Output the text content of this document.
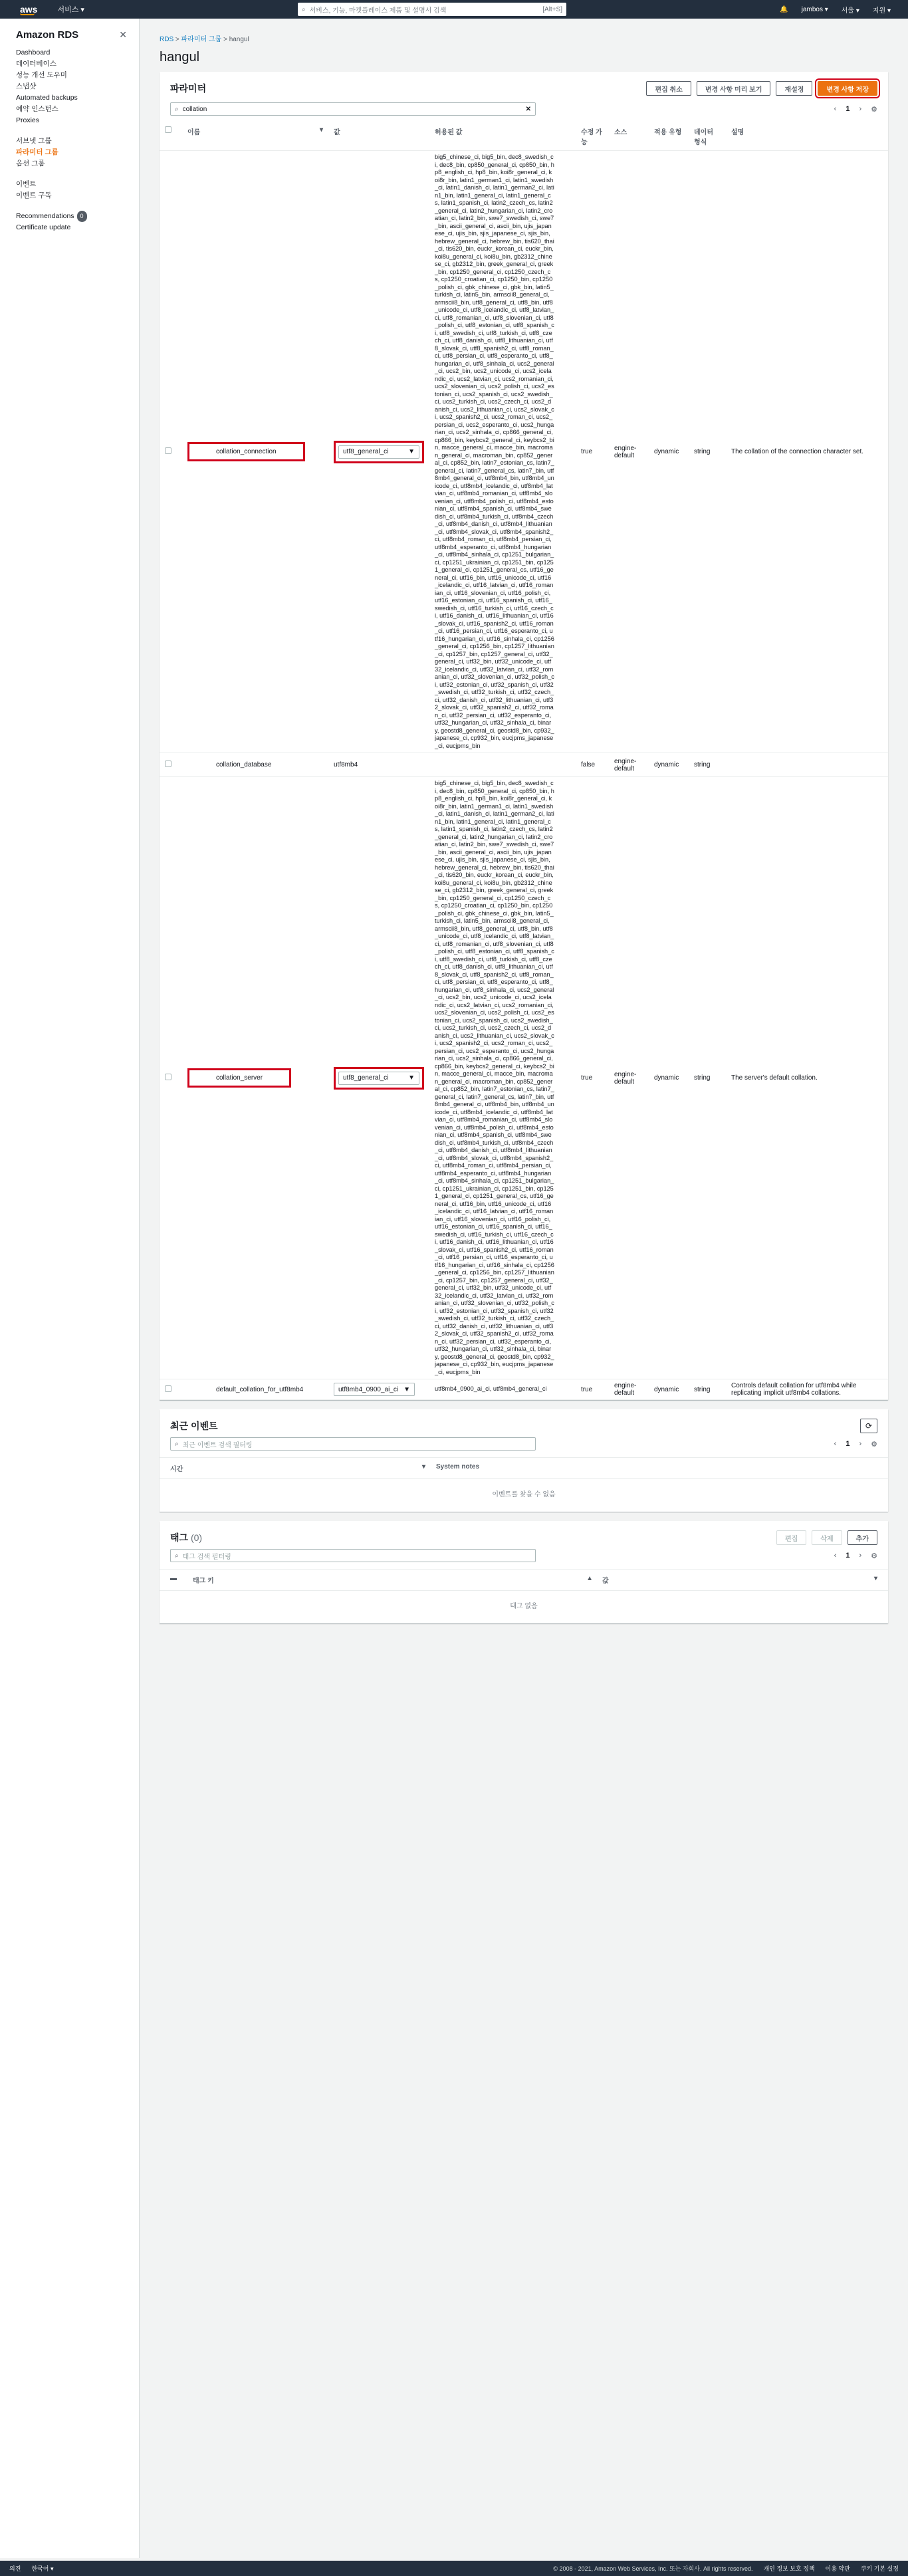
aws	서비스 ▾	⌕ 서비스, 기능, 마켓플레이스 제품 및 설명서 검색	[Alt+S]	🔔 jambos ▾ 서울 ▾ 지원 ▾
Amazon RDS	✕
Dashboard
데이터베이스
성능 개선 도우미
스냅샷
Automated backups
예약 인스턴스
Proxies
서브넷 그룹
파라미터 그룹
옵션 그룹
이벤트
이벤트 구독
Recommendations 0
Certificate update
RDS > 파라미터 그룹 > hangul
hangul
파라미터	편집 취소	변경 사항 미리 보기	재설정	변경 사항 저장
⌕ collation	✕	‹ 1 › ⚙
	이름 ▾	값	허용된 값	수정 가능	소스	적용 유형	데이터 형식	설명
	collation_connection	utf8_general_ci ▼	big5_chinese_ci, big5_bin, dec8_swedish_ci, dec8_bin, cp850_general_ci, cp850_bin, hp8_english_ci, hp8_bin, koi8r_general_ci, koi8r_bin, latin1_german1_ci, latin1_swedish_ci, latin1_danish_ci, latin1_german2_ci, latin1_bin, latin1_general_ci, latin1_general_cs, latin1_spanish_ci, latin2_czech_cs, latin2_general_ci, latin2_hungarian_ci, latin2_croatian_ci, latin2_bin, swe7_swedish_ci, swe7_bin, ascii_general_ci, ascii_bin, ujis_japanese_ci, ujis_bin, sjis_japanese_ci, sjis_bin, hebrew_general_ci, hebrew_bin, tis620_thai_ci, tis620_bin, euckr_korean_ci, euckr_bin, koi8u_general_ci, koi8u_bin, gb2312_chinese_ci, gb2312_bin, greek_general_ci, greek_bin, cp1250_general_ci, cp1250_czech_cs, cp1250_croatian_ci, cp1250_bin, cp1250_polish_ci, gbk_chinese_ci, gbk_bin, latin5_turkish_ci, latin5_bin, armscii8_general_ci, armscii8_bin, utf8_general_ci, utf8_bin, utf8_unicode_ci, utf8_icelandic_ci, utf8_latvian_ci, utf8_romanian_ci, utf8_slovenian_ci, utf8_polish_ci, utf8_estonian_ci, utf8_spanish_ci, utf8_swedish_ci, utf8_turkish_ci, utf8_czech_ci, utf8_danish_ci, utf8_lithuanian_ci, utf8_slovak_ci, utf8_spanish2_ci, utf8_roman_ci, utf8_persian_ci, utf8_esperanto_ci, utf8_hungarian_ci, utf8_sinhala_ci, ucs2_general_ci, ucs2_bin, ucs2_unicode_ci, ucs2_icelandic_ci, ucs2_latvian_ci, ucs2_romanian_ci, ucs2_slovenian_ci, ucs2_polish_ci, ucs2_estonian_ci, ucs2_spanish_ci, ucs2_swedish_ci, ucs2_turkish_ci, ucs2_czech_ci, ucs2_danish_ci, ucs2_lithuanian_ci, ucs2_slovak_ci, ucs2_spanish2_ci, ucs2_roman_ci, ucs2_persian_ci, ucs2_esperanto_ci, ucs2_hungarian_ci, ucs2_sinhala_ci, cp866_general_ci, cp866_bin, keybcs2_general_ci, keybcs2_bin, macce_general_ci, macce_bin, macroman_general_ci, macroman_bin, cp852_general_ci, cp852_bin, latin7_estonian_cs, latin7_general_ci, latin7_general_cs, latin7_bin, utf8mb4_general_ci, utf8mb4_bin, utf8mb4_unicode_ci, utf8mb4_icelandic_ci, utf8mb4_latvian_ci, utf8mb4_romanian_ci, utf8mb4_slovenian_ci, utf8mb4_polish_ci, utf8mb4_estonian_ci, utf8mb4_spanish_ci, utf8mb4_swedish_ci, utf8mb4_turkish_ci, utf8mb4_czech_ci, utf8mb4_danish_ci, utf8mb4_lithuanian_ci, utf8mb4_slovak_ci, utf8mb4_spanish2_ci, utf8mb4_roman_ci, utf8mb4_persian_ci, utf8mb4_esperanto_ci, utf8mb4_hungarian_ci, utf8mb4_sinhala_ci, cp1251_bulgarian_ci, cp1251_ukrainian_ci, cp1251_bin, cp1251_general_ci, cp1251_general_cs, utf16_general_ci, utf16_bin, utf16_unicode_ci, utf16_icelandic_ci, utf16_latvian_ci, utf16_romanian_ci, utf16_slovenian_ci, utf16_polish_ci, utf16_estonian_ci, utf16_spanish_ci, utf16_swedish_ci, utf16_turkish_ci, utf16_czech_ci, utf16_danish_ci, utf16_lithuanian_ci, utf16_slovak_ci, utf16_spanish2_ci, utf16_roman_ci, utf16_persian_ci, utf16_esperanto_ci, utf16_hungarian_ci, utf16_sinhala_ci, cp1256_general_ci, cp1256_bin, cp1257_lithuanian_ci, cp1257_bin, cp1257_general_ci, utf32_general_ci, utf32_bin, utf32_unicode_ci, utf32_icelandic_ci, utf32_latvian_ci, utf32_romanian_ci, utf32_slovenian_ci, utf32_polish_ci, utf32_estonian_ci, utf32_spanish_ci, utf32_swedish_ci, utf32_turkish_ci, utf32_czech_ci, utf32_danish_ci, utf32_lithuanian_ci, utf32_slovak_ci, utf32_spanish2_ci, utf32_roman_ci, utf32_persian_ci, utf32_esperanto_ci, utf32_hungarian_ci, utf32_sinhala_ci, binary, geostd8_general_ci, geostd8_bin, cp932_japanese_ci, cp932_bin, eucjpms_japanese_ci, eucjpms_bin	true	engine-default	dynamic	string	The collation of the connection character set.
	collation_database	utf8mb4		false	engine-default	dynamic	string	
	collation_server	utf8_general_ci ▼	big5_chinese_ci, big5_bin, dec8_swedish_ci, dec8_bin, cp850_general_ci, cp850_bin, hp8_english_ci, hp8_bin, koi8r_general_ci, koi8r_bin, latin1_german1_ci, latin1_swedish_ci, latin1_danish_ci, latin1_german2_ci, latin1_bin, latin1_general_ci, latin1_general_cs, latin1_spanish_ci, latin2_czech_cs, latin2_general_ci, latin2_hungarian_ci, latin2_croatian_ci, latin2_bin, swe7_swedish_ci, swe7_bin, ascii_general_ci, ascii_bin, ujis_japanese_ci, ujis_bin, sjis_japanese_ci, sjis_bin, hebrew_general_ci, hebrew_bin, tis620_thai_ci, tis620_bin, euckr_korean_ci, euckr_bin, koi8u_general_ci, koi8u_bin, gb2312_chinese_ci, gb2312_bin, greek_general_ci, greek_bin, cp1250_general_ci, cp1250_czech_cs, cp1250_croatian_ci, cp1250_bin, cp1250_polish_ci, gbk_chinese_ci, gbk_bin, latin5_turkish_ci, latin5_bin, armscii8_general_ci, armscii8_bin, utf8_general_ci, utf8_bin, utf8_unicode_ci, utf8_icelandic_ci, utf8_latvian_ci, utf8_romanian_ci, utf8_slovenian_ci, utf8_polish_ci, utf8_estonian_ci, utf8_spanish_ci, utf8_swedish_ci, utf8_turkish_ci, utf8_czech_ci, utf8_danish_ci, utf8_lithuanian_ci, utf8_slovak_ci, utf8_spanish2_ci, utf8_roman_ci, utf8_persian_ci, utf8_esperanto_ci, utf8_hungarian_ci, utf8_sinhala_ci, ucs2_general_ci, ucs2_bin, ucs2_unicode_ci, ucs2_icelandic_ci, ucs2_latvian_ci, ucs2_romanian_ci, ucs2_slovenian_ci, ucs2_polish_ci, ucs2_estonian_ci, ucs2_spanish_ci, ucs2_swedish_ci, ucs2_turkish_ci, ucs2_czech_ci, ucs2_danish_ci, ucs2_lithuanian_ci, ucs2_slovak_ci, ucs2_spanish2_ci, ucs2_roman_ci, ucs2_persian_ci, ucs2_esperanto_ci, ucs2_hungarian_ci, ucs2_sinhala_ci, cp866_general_ci, cp866_bin, keybcs2_general_ci, keybcs2_bin, macce_general_ci, macce_bin, macroman_general_ci, macroman_bin, cp852_general_ci, cp852_bin, latin7_estonian_cs, latin7_general_ci, latin7_general_cs, latin7_bin, utf8mb4_general_ci, utf8mb4_bin, utf8mb4_unicode_ci, utf8mb4_icelandic_ci, utf8mb4_latvian_ci, utf8mb4_romanian_ci, utf8mb4_slovenian_ci, utf8mb4_polish_ci, utf8mb4_estonian_ci, utf8mb4_spanish_ci, utf8mb4_swedish_ci, utf8mb4_turkish_ci, utf8mb4_czech_ci, utf8mb4_danish_ci, utf8mb4_lithuanian_ci, utf8mb4_slovak_ci, utf8mb4_spanish2_ci, utf8mb4_roman_ci, utf8mb4_persian_ci, utf8mb4_esperanto_ci, utf8mb4_hungarian_ci, utf8mb4_sinhala_ci, cp1251_bulgarian_ci, cp1251_ukrainian_ci, cp1251_bin, cp1251_general_ci, cp1251_general_cs, utf16_general_ci, utf16_bin, utf16_unicode_ci, utf16_icelandic_ci, utf16_latvian_ci, utf16_romanian_ci, utf16_slovenian_ci, utf16_polish_ci, utf16_estonian_ci, utf16_spanish_ci, utf16_swedish_ci, utf16_turkish_ci, utf16_czech_ci, utf16_danish_ci, utf16_lithuanian_ci, utf16_slovak_ci, utf16_spanish2_ci, utf16_roman_ci, utf16_persian_ci, utf16_esperanto_ci, utf16_hungarian_ci, utf16_sinhala_ci, cp1256_general_ci, cp1256_bin, cp1257_lithuanian_ci, cp1257_bin, cp1257_general_ci, utf32_general_ci, utf32_bin, utf32_unicode_ci, utf32_icelandic_ci, utf32_latvian_ci, utf32_romanian_ci, utf32_slovenian_ci, utf32_polish_ci, utf32_estonian_ci, utf32_spanish_ci, utf32_swedish_ci, utf32_turkish_ci, utf32_czech_ci, utf32_danish_ci, utf32_lithuanian_ci, utf32_slovak_ci, utf32_spanish2_ci, utf32_roman_ci, utf32_persian_ci, utf32_esperanto_ci, utf32_hungarian_ci, utf32_sinhala_ci, binary, geostd8_general_ci, geostd8_bin, cp932_japanese_ci, cp932_bin, eucjpms_japanese_ci, eucjpms_bin	true	engine-default	dynamic	string	The server's default collation.
	default_collation_for_utf8mb4	utf8mb4_0900_ai_ci ▼	utf8mb4_0900_ai_ci, utf8mb4_general_ci	true	engine-default	dynamic	string	Controls default collation for utf8mb4 while replicating implicit utf8mb4 collations.
최근 이벤트	⟳
⌕ 최근 이벤트 검색 필터링	‹ 1 › ⚙
시간	▾ System notes
이벤트를 찾을 수 없음
태그 (0)	편집	삭제	추가
⌕ 태그 검색 필터링	‹ 1 › ⚙
▬	태그 키	▲ 값	▾
태그 없음
의견 한국어 ▾	© 2008 - 2021, Amazon Web Services, Inc. 또는 자회사. All rights reserved. 개인 정보 보호 정책 이용 약관 쿠키 기본 설정
